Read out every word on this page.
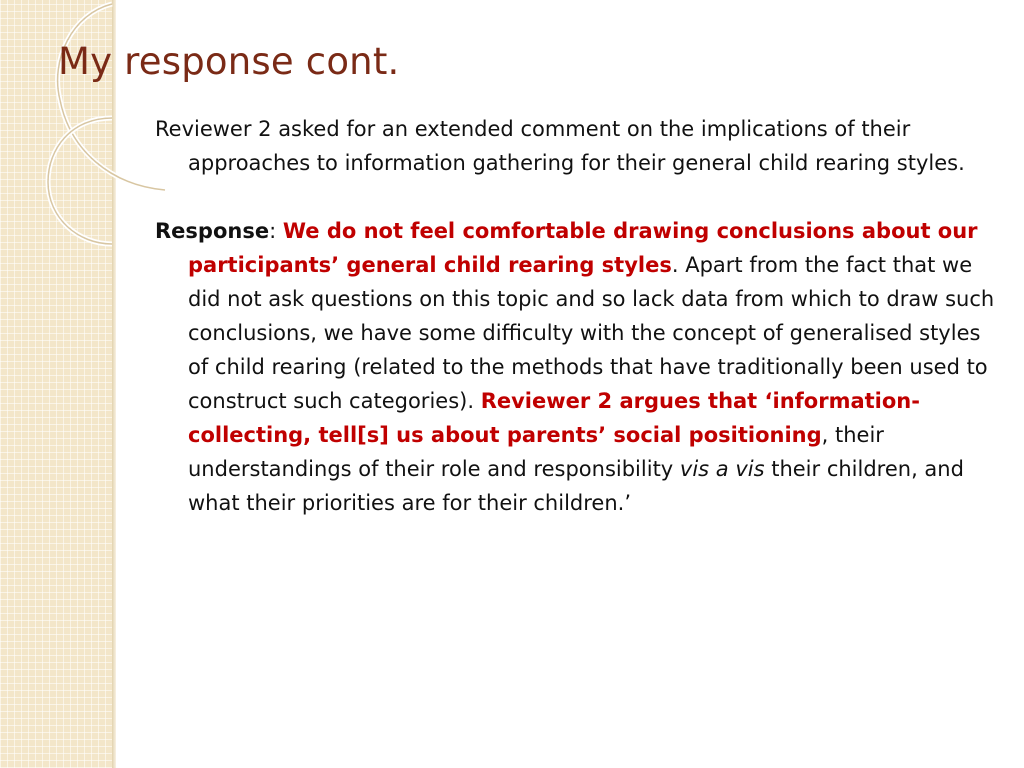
My response cont.

Reviewer 2 asked for an extended comment on the implications of their approaches to information gathering for their general child rearing styles.

Response: We do not feel comfortable drawing conclusions about our participants’ general child rearing styles. Apart from the fact that we did not ask questions on this topic and so lack data from which to draw such conclusions, we have some difficulty with the concept of generalised styles of child rearing (related to the methods that have traditionally been used to construct such categories). Reviewer 2 argues that ‘information-collecting, tell[s] us about parents’ social positioning, their understandings of their role and responsibility vis a vis their children, and what their priorities are for their children.’
